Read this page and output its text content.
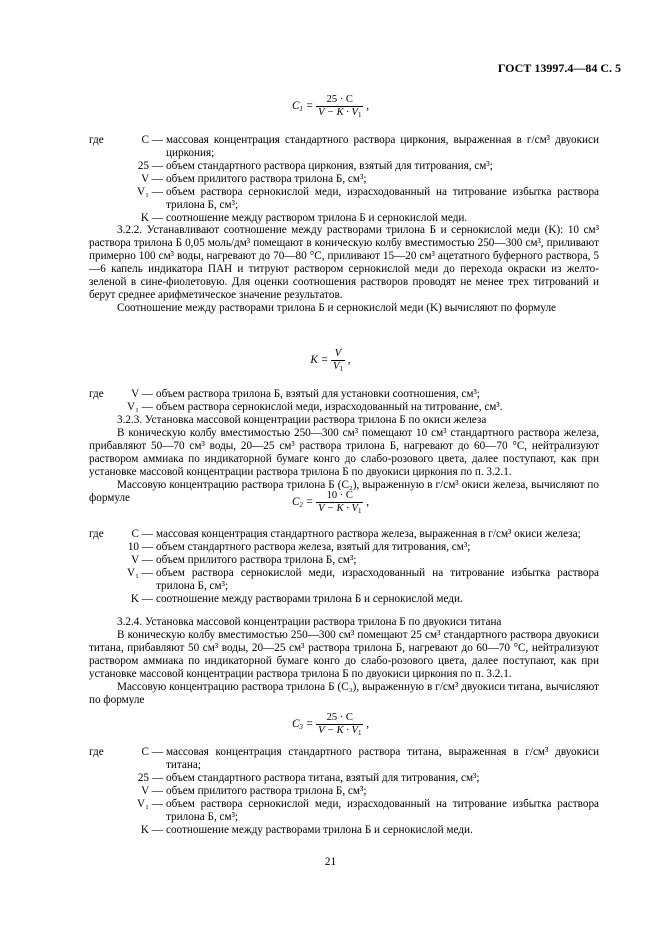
ГОСТ 13997.4—84 С. 5
$C_1 = \frac{25 \cdot C}{V - K \cdot V_1}$ ,
где	C — массовая концентрация стандартного раствора циркония, выраженная в г/см³ двуокиси циркония;
25 — объем стандартного раствора циркония, взятый для титрования, см³;
V — объем прилитого раствора трилона Б, см³;
V₁ — объем раствора сернокислой меди, израсходованный на титрование избытка раствора трилона Б, см³;
K — соотношение между раствором трилона Б и сернокислой меди.

3.2.2. Устанавливают соотношение между растворами трилона Б и сернокислой меди (K): 10 см³ раствора трилона Б 0,05 моль/дм³ помещают в коническую колбу вместимостью 250—300 см³, приливают примерно 100 см³ воды, нагревают до 70—80 °С, приливают 15—20 см³ ацетатного буферного раствора, 5—6 капель индикатора ПАН и титруют раствором сернокислой меди до перехода окраски из желто-зеленой в сине-фиолетовую. Для оценки соотношения растворов проводят не менее трех титрований и берут среднее арифметическое значение результатов.

Соотношение между растворами трилона Б и сернокислой меди (K) вычисляют по формуле

$K = \frac{V}{V_1}$ ,
где	V — объем раствора трилона Б, взятый для установки соотношения, см³;
V₁ — объем раствора сернокислой меди, израсходованный на титрование, см³.

3.2.3. Установка массовой концентрации раствора трилона Б по окиси железа

В коническую колбу вместимостью 250—300 см³ помещают 10 см³ стандартного раствора железа, прибавляют 50—70 см³ воды, 20—25 см³ раствора трилона Б, нагревают до 60—70 °С, нейтрализуют раствором аммиака по индикаторной бумаге конго до слабо-розового цвета, далее поступают, как при установке массовой концентрации раствора трилона Б по двуокиси циркония по п. 3.2.1.

Массовую концентрацию раствора трилона Б (C₂), выраженную в г/см³ окиси железа, вычисляют по формуле	$C_2 = \frac{10 \cdot C}{V - K \cdot V_1}$ ,
где	C — массовая концентрация стандартного раствора железа, выраженная в г/см³ окиси железа;
10 — объем стандартного раствора железа, взятый для титрования, см³;
V — объем прилитого раствора трилона Б, см³;
V₁ — объем раствора сернокислой меди, израсходованный на титрование избытка раствора трилона Б, см³;
K — соотношение между растворами трилона Б и сернокислой меди.

3.2.4. Установка массовой концентрации раствора трилона Б по двуокиси титана

В коническую колбу вместимостью 250—300 см³ помещают 25 см³ стандартного раствора двуокиси титана, прибавляют 50 см³ воды, 20—25 см³ раствора трилона Б, нагревают до 60—70 °С, нейтрализуют раствором аммиака по индикаторной бумаге конго до слабо-розового цвета, далее поступают, как при установке массовой концентрации раствора трилона Б по двуокиси циркония по п. 3.2.1.

Массовую концентрацию раствора трилона Б (C₃), выраженную в г/см³ двуокиси титана, вычисляют по формуле

$C_3 = \frac{25 \cdot C}{V - K \cdot V_1}$ ,
где	C — массовая концентрация стандартного раствора титана, выраженная в г/см³ двуокиси титана;
25 — объем стандартного раствора титана, взятый для титрования, см³;
V — объем прилитого раствора трилона Б, см³;
V₁ — объем раствора сернокислой меди, израсходованный на титрование избытка раствора трилона Б, см³;
K — соотношение между растворами трилона Б и сернокислой меди.
21
